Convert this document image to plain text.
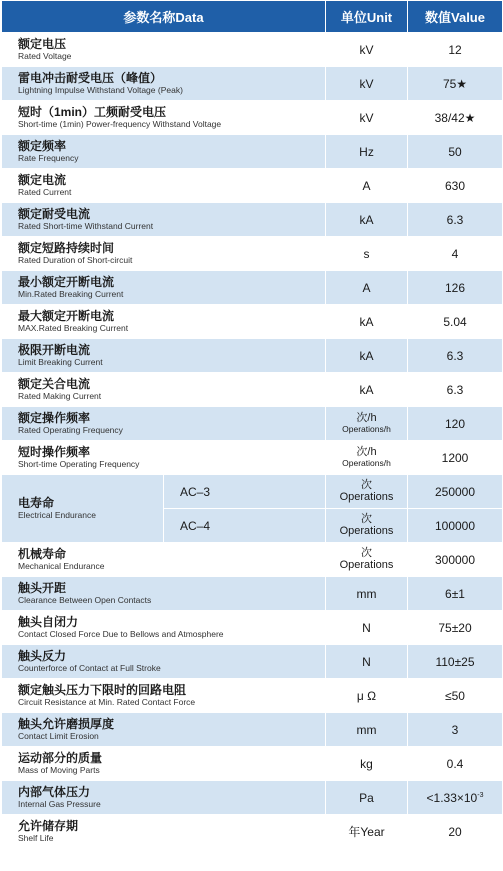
参数名称Data		单位Unit	数值Value

额定电压
Rated Voltage		kV	12

雷电冲击耐受电压（峰值）
Lightning Impulse Withstand Voltage (Peak)		kV	75★

短时（1min）工频耐受电压
Short-time (1min) Power-frequency Withstand Voltage		kV	38/42★

额定频率
Rate Frequency		Hz	50

额定电流
Rated Current		A	630

额定耐受电流
Rated Short-time Withstand Current		kA	6.3

额定短路持续时间
Rated Duration of Short-circuit		s	4

最小额定开断电流
Min.Rated Breaking Current		A	126

最大额定开断电流
MAX.Rated Breaking Current		kA	5.04

极限开断电流
Limit Breaking Current		kA	6.3

额定关合电流
Rated Making Current		kA	6.3

额定操作频率
Rated Operating Frequency		次/h
Operations/h	120

短时操作频率
Short-time Operating Frequency		次/h
Operations/h	1200

电寿命
Electrical Endurance	AC–3	次
Operations	250000
	AC–4	次
Operations	100000

机械寿命
Mechanical Endurance		次
Operations	300000

触头开距
Clearance Between Open Contacts		mm	6±1

触头自闭力
Contact Closed Force Due to Bellows and Atmosphere		N	75±20

触头反力
Counterforce of Contact at Full Stroke		N	110±25

额定触头压力下限时的回路电阻
Circuit Resistance at Min. Rated Contact Force		μ Ω	≤50

触头允许磨损厚度
Contact Limit Erosion		mm	3

运动部分的质量
Mass of Moving Parts		kg	0.4

内部气体压力
Internal Gas Pressure		Pa	$<1.33\times 10^{-3}$

允许储存期
Shelf Life		年Year	20
